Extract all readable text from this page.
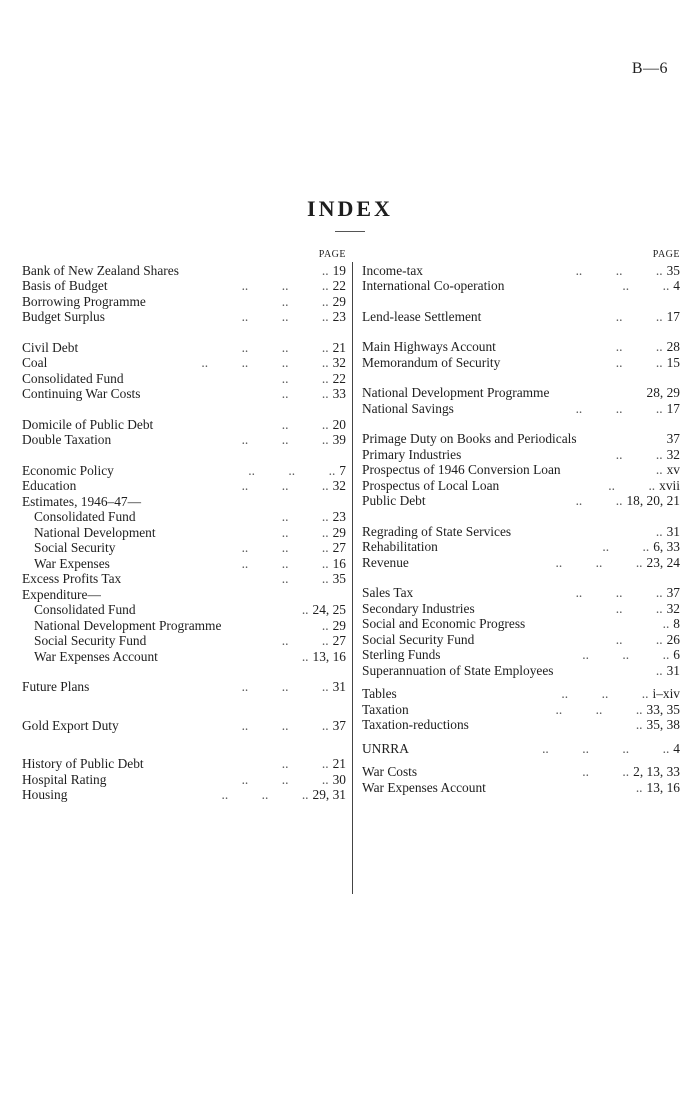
B—6
INDEX
PAGE
Bank of New Zealand Shares	.. 19
Basis of Budget	..          ..          .. 22
Borrowing Programme	..          .. 29
Budget Surplus	..          ..          .. 23
Civil Debt	..          ..          .. 21
Coal	..          ..          ..          .. 32
Consolidated Fund	..          .. 22
Continuing War Costs	..          .. 33
Domicile of Public Debt	..          .. 20
Double Taxation	..          ..          .. 39
Economic Policy	..          ..          .. 7
Education	..          ..          .. 32
Estimates, 1946–47—
Consolidated Fund	..          .. 23
National Development	..          .. 29
Social Security	..          ..          .. 27
War Expenses	..          ..          .. 16
Excess Profits Tax	..          .. 35
Expenditure—
Consolidated Fund	.. 24, 25
National Development Programme	.. 29
Social Security Fund	..          .. 27
War Expenses Account	.. 13, 16
Future Plans	..          ..          .. 31
Gold Export Duty	..          ..          .. 37
History of Public Debt	..          .. 21
Hospital Rating	..          ..          .. 30
Housing	..          ..          .. 29, 31
PAGE
Income-tax	..          ..          .. 35
International Co-operation	..          .. 4
Lend-lease Settlement	..          .. 17
Main Highways Account	..          .. 28
Memorandum of Security	..          .. 15
National Development Programme	28, 29
National Savings	..          ..          .. 17
Primage Duty on Books and Periodicals	37
Primary Industries	..          .. 32
Prospectus of 1946 Conversion Loan	.. xv
Prospectus of Local Loan	..          .. xvii
Public Debt	..          .. 18, 20, 21
Regrading of State Services	.. 31
Rehabilitation	..          .. 6, 33
Revenue	..          ..          .. 23, 24
Sales Tax	..          ..          .. 37
Secondary Industries	..          .. 32
Social and Economic Progress	.. 8
Social Security Fund	..          .. 26
Sterling Funds	..          ..          .. 6
Superannuation of State Employees	.. 31
Tables	..          ..          .. i–xiv
Taxation	..          ..          .. 33, 35
Taxation-reductions	.. 35, 38
UNRRA	..          ..          ..          .. 4
War Costs	..          .. 2, 13, 33
War Expenses Account	.. 13, 16
